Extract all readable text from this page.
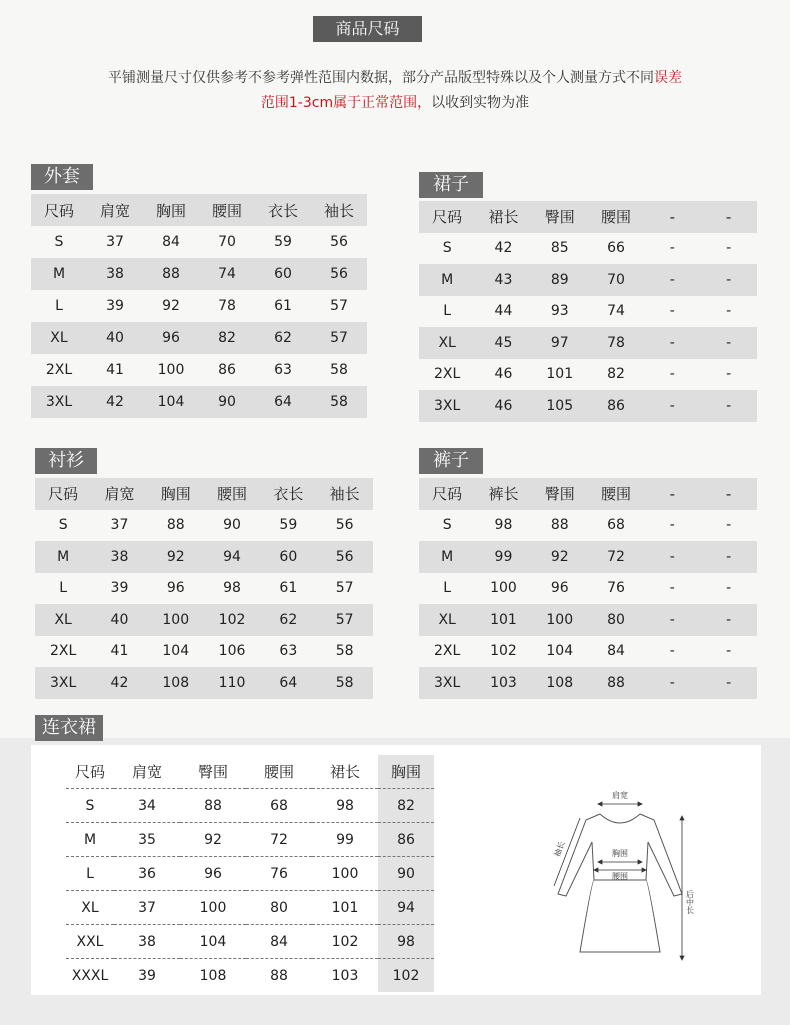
商品尺码
平铺测量尺寸仅供参考不参考弹性范围内数据，部分产品版型特殊以及个人测量方式不同误差
范围1-3cm属于正常范围，以收到实物为准
外套
尺码	肩宽	胸围	腰围	衣长	袖长
S	37	84	70	59	56
M	38	88	74	60	56
L	39	92	78	61	57
XL	40	96	82	62	57
2XL	41	100	86	63	58
3XL	42	104	90	64	58
裙子
尺码	裙长	臀围	腰围	-	-
S	42	85	66	-	-
M	43	89	70	-	-
L	44	93	74	-	-
XL	45	97	78	-	-
2XL	46	101	82	-	-
3XL	46	105	86	-	-
衬衫
尺码	肩宽	胸围	腰围	衣长	袖长
S	37	88	90	59	56
M	38	92	94	60	56
L	39	96	98	61	57
XL	40	100	102	62	57
2XL	41	104	106	63	58
3XL	42	108	110	64	58
裤子
尺码	裤长	臀围	腰围	-	-
S	98	88	68	-	-
M	99	92	72	-	-
L	100	96	76	-	-
XL	101	100	80	-	-
2XL	102	104	84	-	-
3XL	103	108	88	-	-
连衣裙
尺码	肩宽	臀围	腰围	裙长	胸围
S	34	88	68	98	82
M	35	92	72	99	86
L	36	96	76	100	90
XL	37	100	80	101	94
XXL	38	104	84	102	98
XXXL	39	108	88	103	102
肩宽
胸围
腰围
袖长
后中长
